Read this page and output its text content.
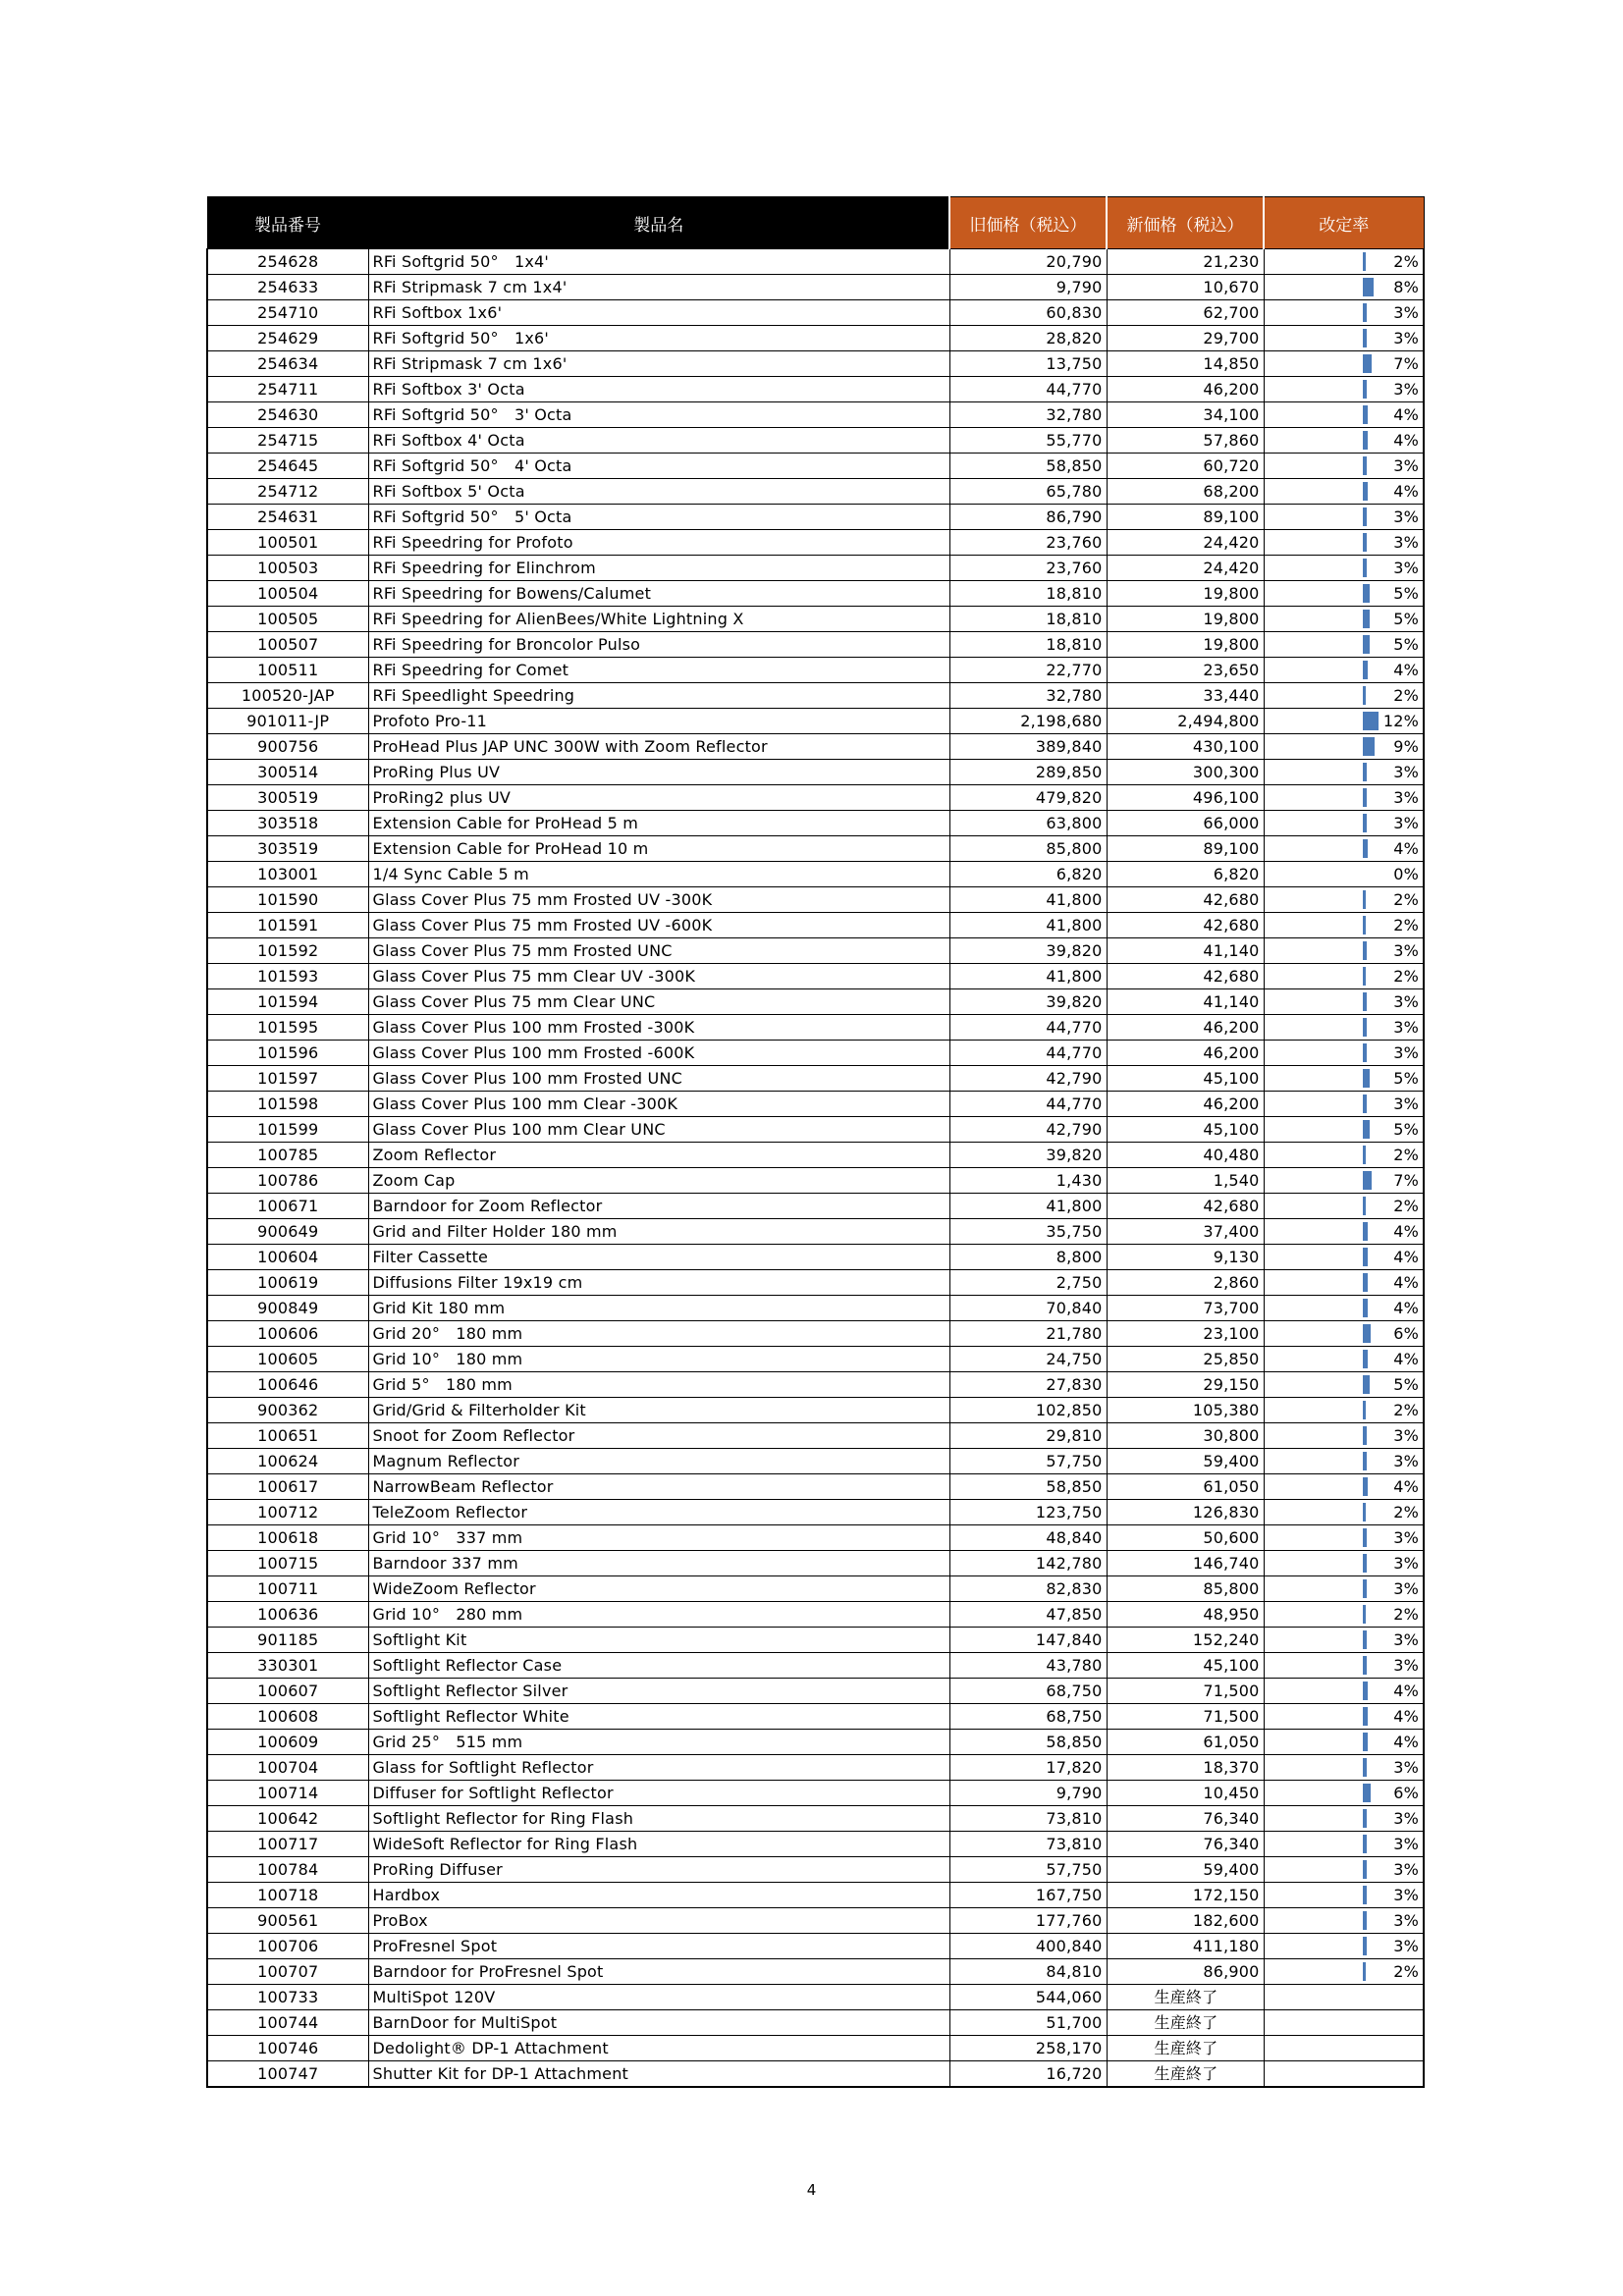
製品番号	製品名	旧価格（税込）	新価格（税込）	改定率
254628	RFi Softgrid 50°　1x4'	20,790	21,230	2%
254633	RFi Stripmask 7 cm 1x4'	9,790	10,670	8%
254710	RFi Softbox 1x6'	60,830	62,700	3%
254629	RFi Softgrid 50°　1x6'	28,820	29,700	3%
254634	RFi Stripmask 7 cm 1x6'	13,750	14,850	7%
254711	RFi Softbox 3' Octa	44,770	46,200	3%
254630	RFi Softgrid 50°　3' Octa	32,780	34,100	4%
254715	RFi Softbox 4' Octa	55,770	57,860	4%
254645	RFi Softgrid 50°　4' Octa	58,850	60,720	3%
254712	RFi Softbox 5' Octa	65,780	68,200	4%
254631	RFi Softgrid 50°　5' Octa	86,790	89,100	3%
100501	RFi Speedring for Profoto	23,760	24,420	3%
100503	RFi Speedring for Elinchrom	23,760	24,420	3%
100504	RFi Speedring for Bowens/Calumet	18,810	19,800	5%
100505	RFi Speedring for AlienBees/White Lightning X	18,810	19,800	5%
100507	RFi Speedring for Broncolor Pulso	18,810	19,800	5%
100511	RFi Speedring for Comet	22,770	23,650	4%
100520-JAP	RFi Speedlight Speedring	32,780	33,440	2%
901011-JP	Profoto Pro-11	2,198,680	2,494,800	12%
900756	ProHead Plus JAP UNC 300W with Zoom Reflector	389,840	430,100	9%
300514	ProRing Plus UV	289,850	300,300	3%
300519	ProRing2 plus UV	479,820	496,100	3%
303518	Extension Cable for ProHead 5 m	63,800	66,000	3%
303519	Extension Cable for ProHead 10 m	85,800	89,100	4%
103001	1/4 Sync Cable 5 m	6,820	6,820	0%
101590	Glass Cover Plus 75 mm Frosted UV -300K	41,800	42,680	2%
101591	Glass Cover Plus 75 mm Frosted UV -600K	41,800	42,680	2%
101592	Glass Cover Plus 75 mm Frosted UNC	39,820	41,140	3%
101593	Glass Cover Plus 75 mm Clear UV -300K	41,800	42,680	2%
101594	Glass Cover Plus 75 mm Clear UNC	39,820	41,140	3%
101595	Glass Cover Plus 100 mm Frosted -300K	44,770	46,200	3%
101596	Glass Cover Plus 100 mm Frosted -600K	44,770	46,200	3%
101597	Glass Cover Plus 100 mm Frosted UNC	42,790	45,100	5%
101598	Glass Cover Plus 100 mm Clear -300K	44,770	46,200	3%
101599	Glass Cover Plus 100 mm Clear UNC	42,790	45,100	5%
100785	Zoom Reflector	39,820	40,480	2%
100786	Zoom Cap	1,430	1,540	7%
100671	Barndoor for Zoom Reflector	41,800	42,680	2%
900649	Grid and Filter Holder 180 mm	35,750	37,400	4%
100604	Filter Cassette	8,800	9,130	4%
100619	Diffusions Filter 19x19 cm	2,750	2,860	4%
900849	Grid Kit 180 mm	70,840	73,700	4%
100606	Grid 20°　180 mm	21,780	23,100	6%
100605	Grid 10°　180 mm	24,750	25,850	4%
100646	Grid 5°　180 mm	27,830	29,150	5%
900362	Grid/Grid & Filterholder Kit	102,850	105,380	2%
100651	Snoot for Zoom Reflector	29,810	30,800	3%
100624	Magnum Reflector	57,750	59,400	3%
100617	NarrowBeam Reflector	58,850	61,050	4%
100712	TeleZoom Reflector	123,750	126,830	2%
100618	Grid 10°　337 mm	48,840	50,600	3%
100715	Barndoor 337 mm	142,780	146,740	3%
100711	WideZoom Reflector	82,830	85,800	3%
100636	Grid 10°　280 mm	47,850	48,950	2%
901185	Softlight Kit	147,840	152,240	3%
330301	Softlight Reflector Case	43,780	45,100	3%
100607	Softlight Reflector Silver	68,750	71,500	4%
100608	Softlight Reflector White	68,750	71,500	4%
100609	Grid 25°　515 mm	58,850	61,050	4%
100704	Glass for Softlight Reflector	17,820	18,370	3%
100714	Diffuser for Softlight Reflector	9,790	10,450	6%
100642	Softlight Reflector for Ring Flash	73,810	76,340	3%
100717	WideSoft Reflector for Ring Flash	73,810	76,340	3%
100784	ProRing Diffuser	57,750	59,400	3%
100718	Hardbox	167,750	172,150	3%
900561	ProBox	177,760	182,600	3%
100706	ProFresnel Spot	400,840	411,180	3%
100707	Barndoor for ProFresnel Spot	84,810	86,900	2%
100733	MultiSpot 120V	544,060	生産終了	
100744	BarnDoor for MultiSpot	51,700	生産終了	
100746	Dedolight® DP-1 Attachment	258,170	生産終了	
100747	Shutter Kit for DP-1 Attachment	16,720	生産終了	
4
